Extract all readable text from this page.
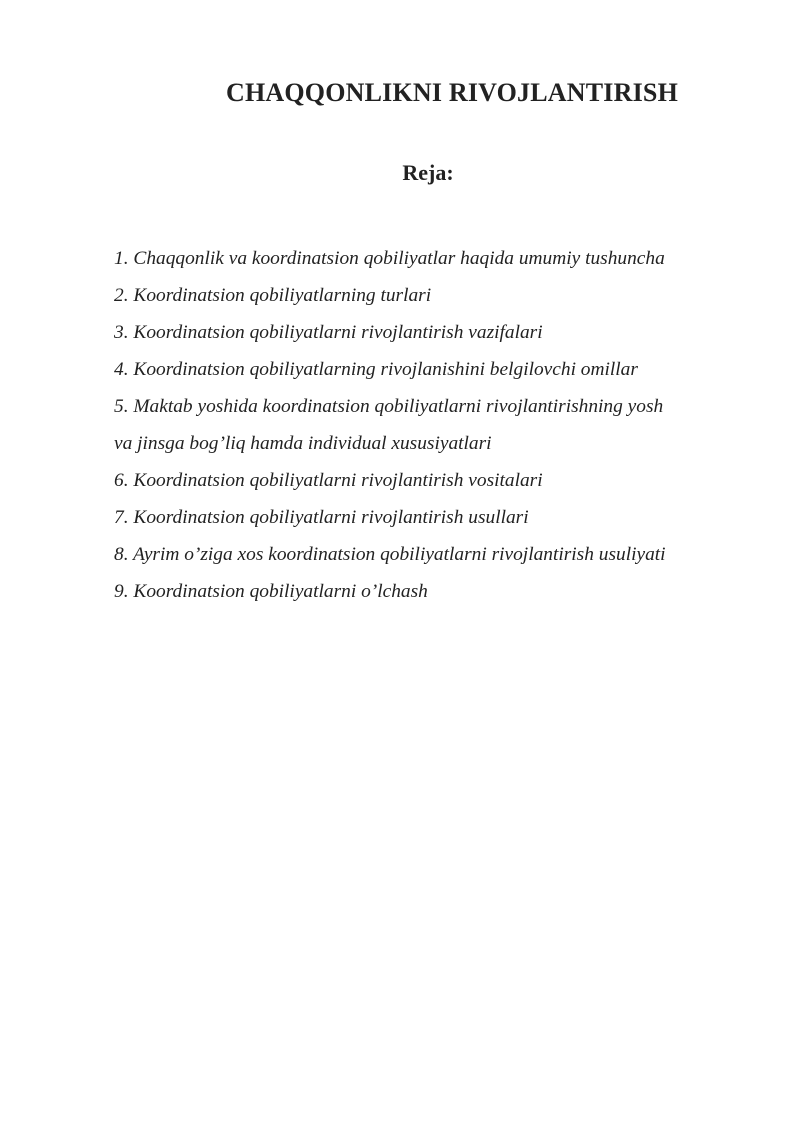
CHAQQONLIKNI RIVOJLANTIRISH
Reja:
1. Chaqqonlik va koordinatsion qobiliyatlar haqida umumiy tushuncha
2. Koordinatsion qobiliyatlarning turlari
3. Koordinatsion qobiliyatlarni rivojlantirish vazifalari
4. Koordinatsion qobiliyatlarning rivojlanishini belgilovchi omillar
5. Maktab yoshida koordinatsion qobiliyatlarni rivojlantirishning yosh
va jinsga bog’liq hamda individual xususiyatlari
6. Koordinatsion qobiliyatlarni rivojlantirish vositalari
7. Koordinatsion qobiliyatlarni rivojlantirish usullari
8. Ayrim o’ziga xos koordinatsion qobiliyatlarni rivojlantirish usuliyati
9. Koordinatsion qobiliyatlarni o’lchash
